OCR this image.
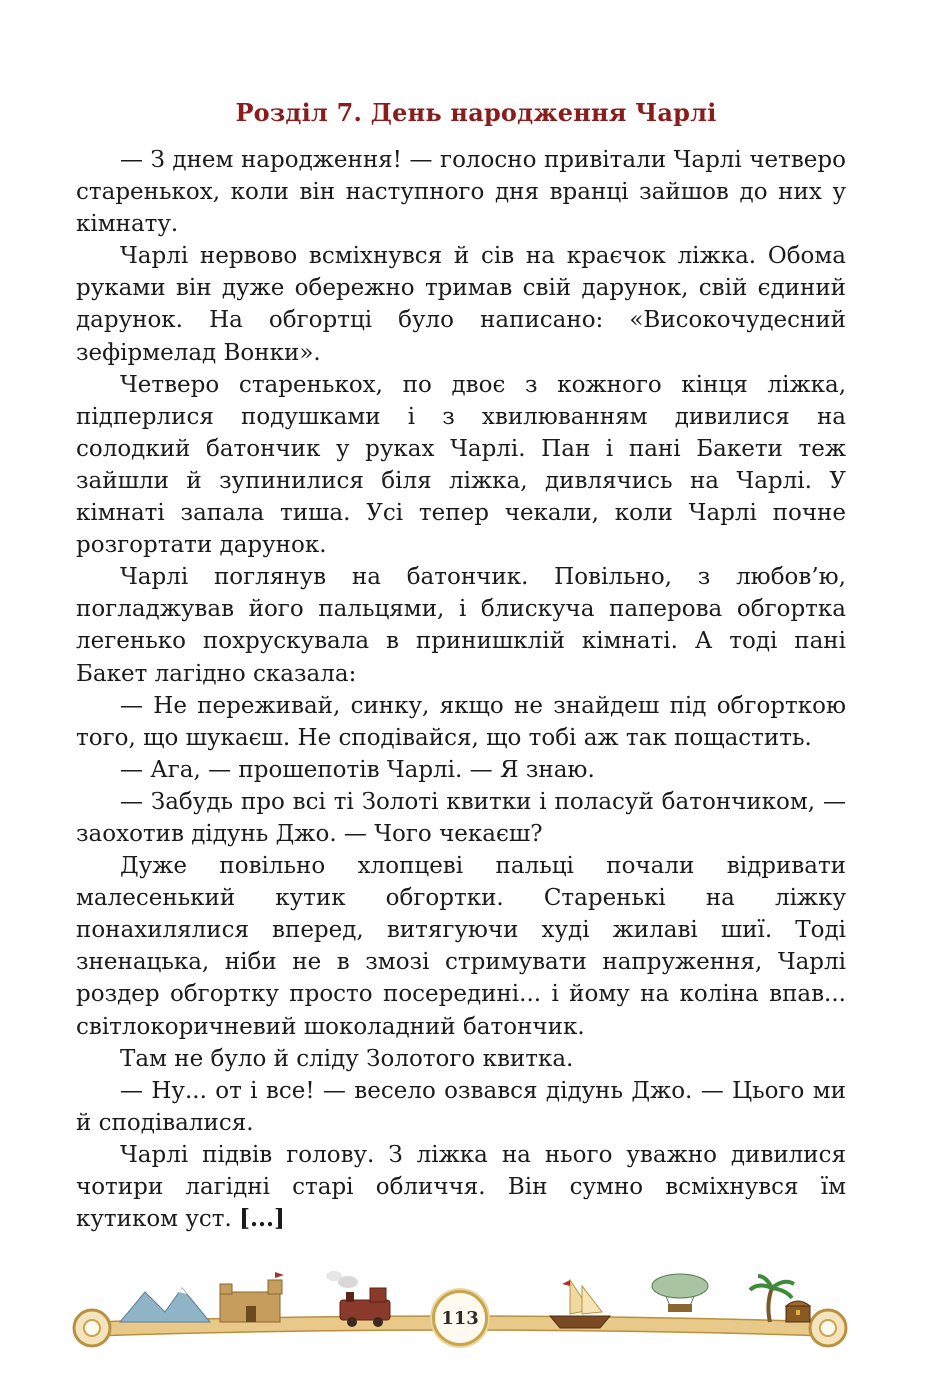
Розділ 7. День народження Чарлі

— З днем народження! — голосно привітали Чарлі четверо старенькох, коли він наступного дня вранці зайшов до них у кімнату.

Чарлі нервово всміхнувся й сів на краєчок ліжка. Обома руками він дуже обережно тримав свій дарунок, свій єдиний дарунок. На обгортці було написано: «Високочудесний зефірмелад Вонки».

Четверо старенькох, по двоє з кожного кінця ліжка, підперлися подушками і з хвилюванням дивилися на солодкий батончик у руках Чарлі. Пан і пані Бакети теж зайшли й зупинилися біля ліжка, дивлячись на Чарлі. У кімнаті запала тиша. Усі тепер чекали, коли Чарлі почне розгортати дарунок.

Чарлі поглянув на батончик. Повільно, з любов’ю, погладжував його пальцями, і блискуча паперова обгортка легенько похрускувала в принишклій кімнаті. А тоді пані Бакет лагідно сказала:

— Не переживай, синку, якщо не знайдеш під обгорткою того, що шукаєш. Не сподівайся, що тобі аж так пощастить.

— Ага, — прошепотів Чарлі. — Я знаю.

— Забудь про всі ті Золоті квитки і поласуй батончиком, — заохотив дідунь Джо. — Чого чекаєш?

Дуже повільно хлопцеві пальці почали відривати малесенький кутик обгортки. Старенькі на ліжку понахилялися вперед, витягуючи худі жилаві шиї. Тоді зненацька, ніби не в змозі стримувати напруження, Чарлі роздер обгортку просто посередині... і йому на коліна впав... світлокоричневий шоколадний батончик.

Там не було й сліду Золотого квитка.

— Ну... от і все! — весело озвався дідунь Джо. — Цього ми й сподівалися.

Чарлі підвів голову. З ліжка на нього уважно дивилися чотири лагідні старі обличчя. Він сумно всміхнувся їм кутиком уст. [...]

113
